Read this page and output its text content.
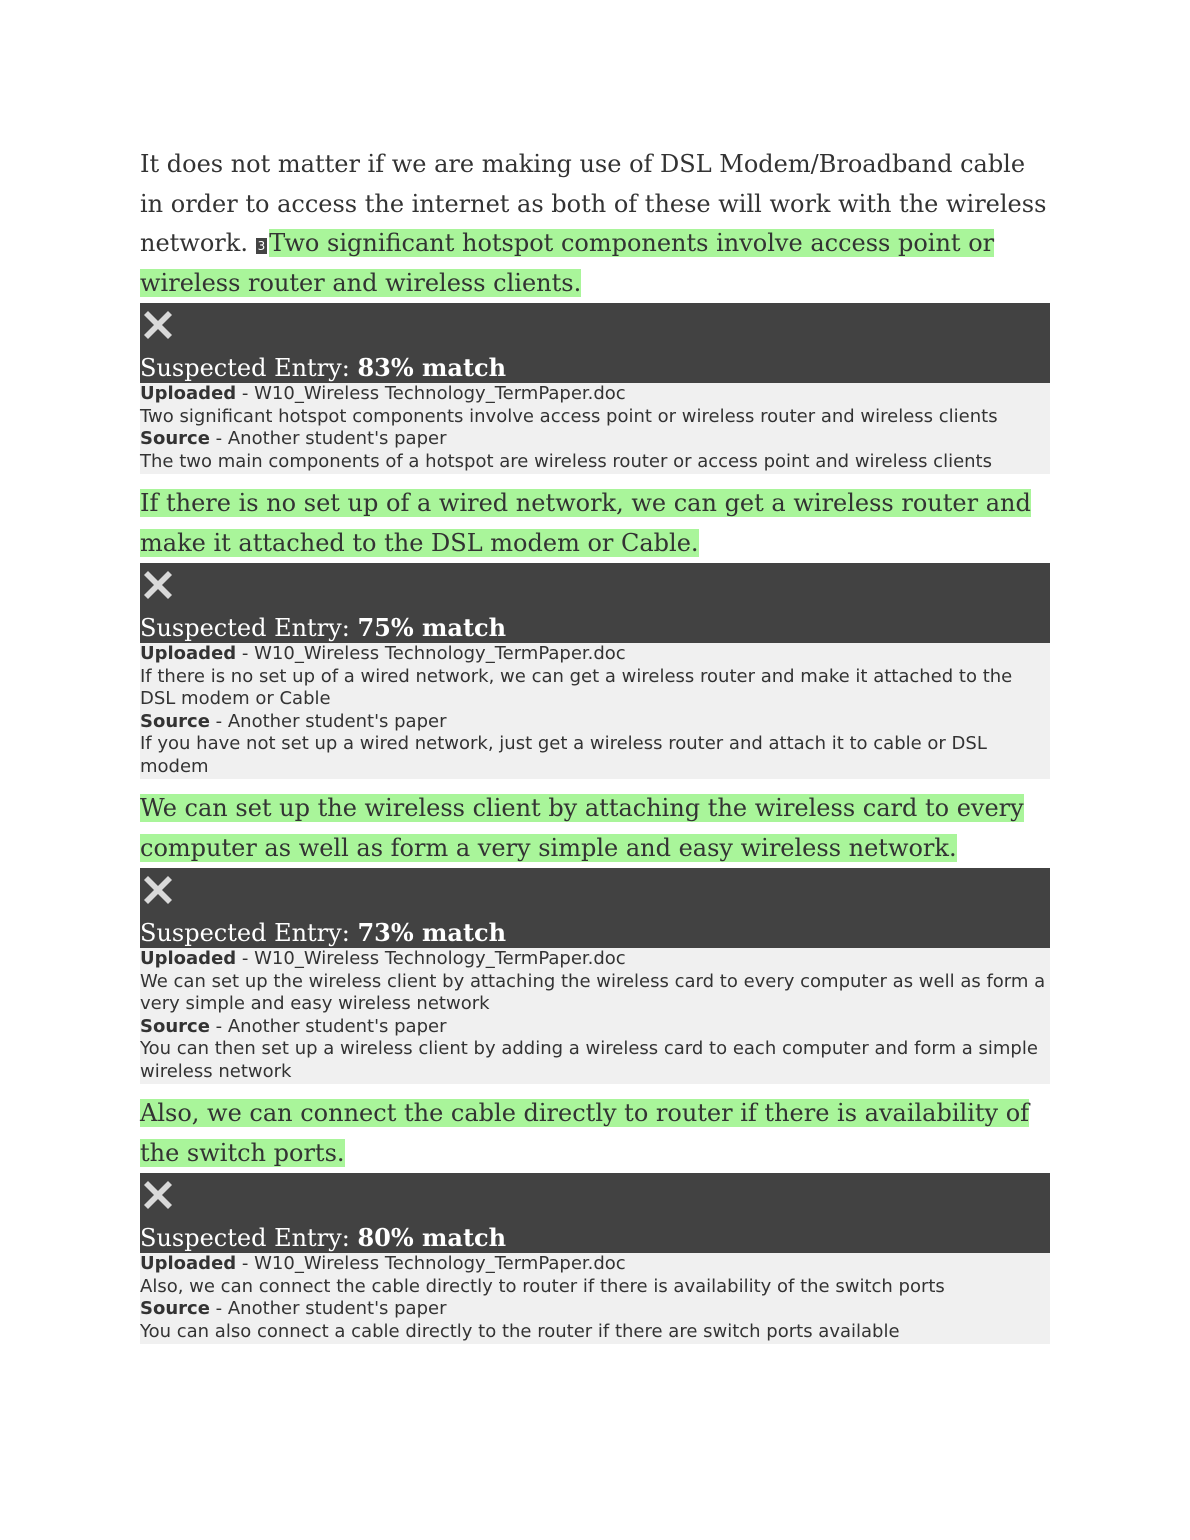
It does not matter if we are making use of DSL Modem/Broadband cable in order to access the internet as both of these will work with the wireless network. 3 Two significant hotspot components involve access point or wireless router and wireless clients.

Suspected Entry: 83% match
Uploaded - W10_Wireless Technology_TermPaper.doc
Two significant hotspot components involve access point or wireless router and wireless clients
Source - Another student's paper
The two main components of a hotspot are wireless router or access point and wireless clients

If there is no set up of a wired network, we can get a wireless router and make it attached to the DSL modem or Cable.

Suspected Entry: 75% match
Uploaded - W10_Wireless Technology_TermPaper.doc
If there is no set up of a wired network, we can get a wireless router and make it attached to the DSL modem or Cable
Source - Another student's paper
If you have not set up a wired network, just get a wireless router and attach it to cable or DSL modem

We can set up the wireless client by attaching the wireless card to every computer as well as form a very simple and easy wireless network.

Suspected Entry: 73% match
Uploaded - W10_Wireless Technology_TermPaper.doc
We can set up the wireless client by attaching the wireless card to every computer as well as form a very simple and easy wireless network
Source - Another student's paper
You can then set up a wireless client by adding a wireless card to each computer and form a simple wireless network

Also, we can connect the cable directly to router if there is availability of the switch ports.

Suspected Entry: 80% match
Uploaded - W10_Wireless Technology_TermPaper.doc
Also, we can connect the cable directly to router if there is availability of the switch ports
Source - Another student's paper
You can also connect a cable directly to the router if there are switch ports available
